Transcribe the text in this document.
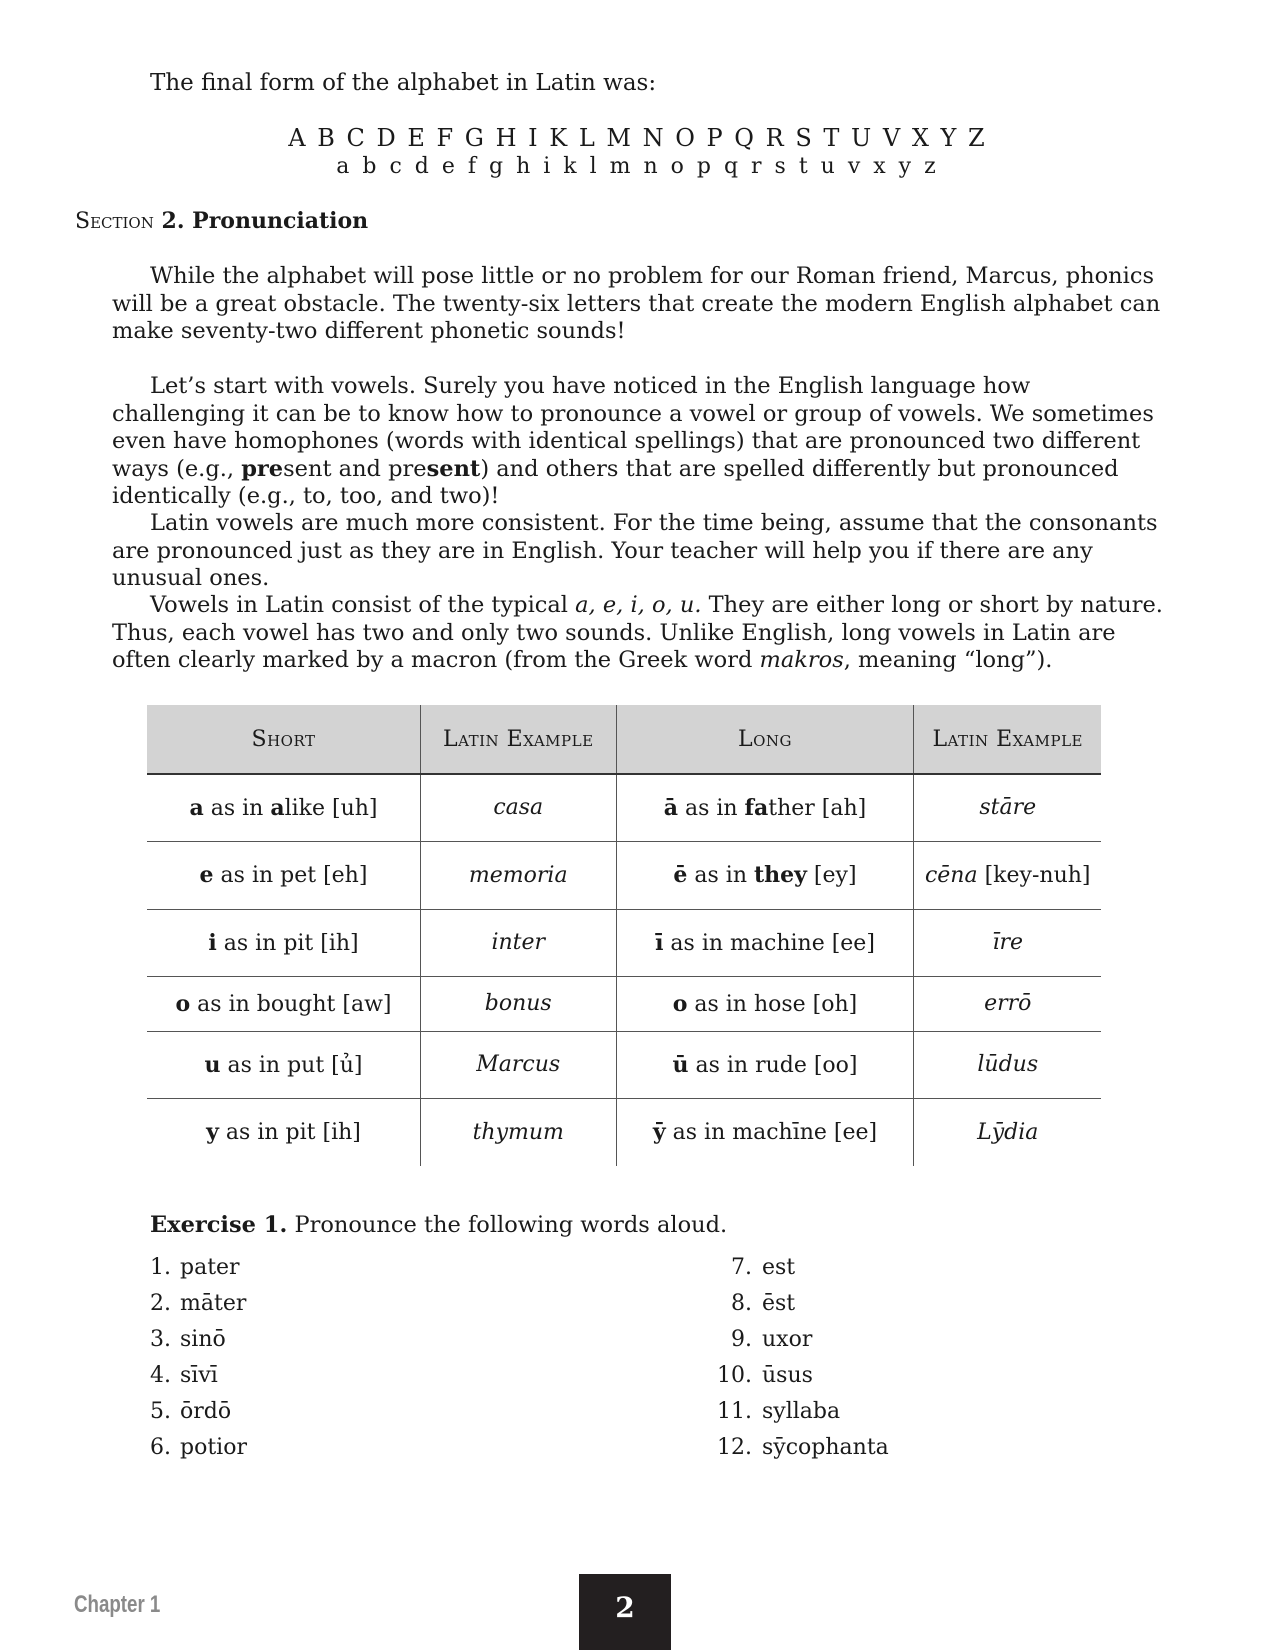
The final form of the alphabet in Latin was:

A B C D E F G H I K L M N O P Q R S T U V X Y Z

a b c d e f g h i k l m n o p q r s t u v x y z

Section 2. Pronunciation

While the alphabet will pose little or no problem for our Roman friend, Marcus, phonics will be a great obstacle. The twenty-six letters that create the modern English alphabet can make seventy-two different phonetic sounds!

Let’s start with vowels. Surely you have noticed in the English language how challenging it can be to know how to pronounce a vowel or group of vowels. We sometimes even have homophones (words with identical spellings) that are pronounced two different ways (e.g., present and present) and others that are spelled differently but pronounced identically (e.g., to, too, and two)!

Latin vowels are much more consistent. For the time being, assume that the consonants are pronounced just as they are in English. Your teacher will help you if there are any unusual ones.

Vowels in Latin consist of the typical a, e, i, o, u. They are either long or short by nature. Thus, each vowel has two and only two sounds. Unlike English, long vowels in Latin are often clearly marked by a macron (from the Greek word makros, meaning “long”).

Short	Latin Example	Long	Latin Example
a as in alike [uh]	casa	ā as in father [ah]	stāre
e as in pet [eh]	memoria	ē as in they [ey]	cēna [key-nuh]
i as in pit [ih]	inter	ī as in machine [ee]	īre
o as in bought [aw]	bonus	o as in hose [oh]	errō
u as in put [ủ]	Marcus	ū as in rude [oo]	lūdus
y as in pit [ih]	thymum	ȳ as in machīne [ee]	Lȳdia

Exercise 1. Pronounce the following words aloud.

1. pater
2. māter
3. sinō
4. sīvī
5. ōrdō
6. potior
7. est
8. ēst
9. uxor
10. ūsus
11. syllaba
12. sȳcophanta

Chapter 1	2
